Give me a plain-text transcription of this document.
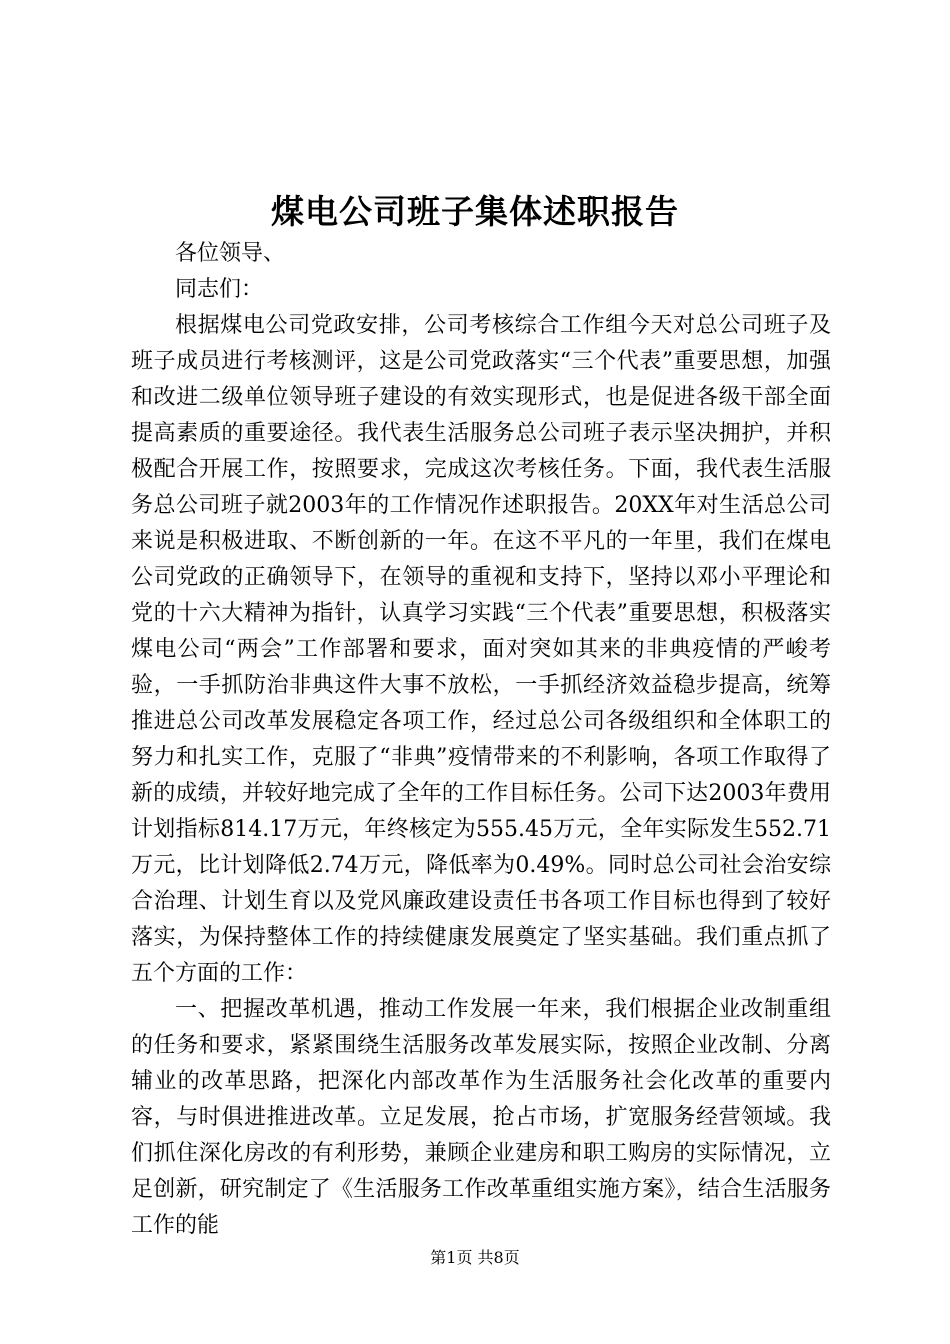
煤电公司班子集体述职报告

各位领导、

同志们：

根据煤电公司党政安排，公司考核综合工作组今天对总公司班子及班子成员进行考核测评，这是公司党政落实“三个代表”重要思想，加强和改进二级单位领导班子建设的有效实现形式，也是促进各级干部全面提高素质的重要途径。我代表生活服务总公司班子表示坚决拥护，并积极配合开展工作，按照要求，完成这次考核任务。下面，我代表生活服务总公司班子就2003年的工作情况作述职报告。20XX年对生活总公司来说是积极进取、不断创新的一年。在这不平凡的一年里，我们在煤电公司党政的正确领导下，在领导的重视和支持下，坚持以邓小平理论和党的十六大精神为指针，认真学习实践“三个代表”重要思想，积极落实煤电公司“两会”工作部署和要求，面对突如其来的非典疫情的严峻考验，一手抓防治非典这件大事不放松，一手抓经济效益稳步提高，统筹推进总公司改革发展稳定各项工作，经过总公司各级组织和全体职工的努力和扎实工作，克服了“非典”疫情带来的不利影响，各项工作取得了新的成绩，并较好地完成了全年的工作目标任务。公司下达2003年费用计划指标814.17万元，年终核定为555.45万元，全年实际发生552.71万元，比计划降低2.74万元，降低率为0.49%。同时总公司社会治安综合治理、计划生育以及党风廉政建设责任书各项工作目标也得到了较好落实，为保持整体工作的持续健康发展奠定了坚实基础。我们重点抓了五个方面的工作：

一、把握改革机遇，推动工作发展一年来，我们根据企业改制重组的任务和要求，紧紧围绕生活服务改革发展实际，按照企业改制、分离辅业的改革思路，把深化内部改革作为生活服务社会化改革的重要内容，与时俱进推进改革。立足发展，抢占市场，扩宽服务经营领域。我们抓住深化房改的有利形势，兼顾企业建房和职工购房的实际情况，立足创新，研究制定了《生活服务工作改革重组实施方案》，结合生活服务工作的能

第1页 共8页
